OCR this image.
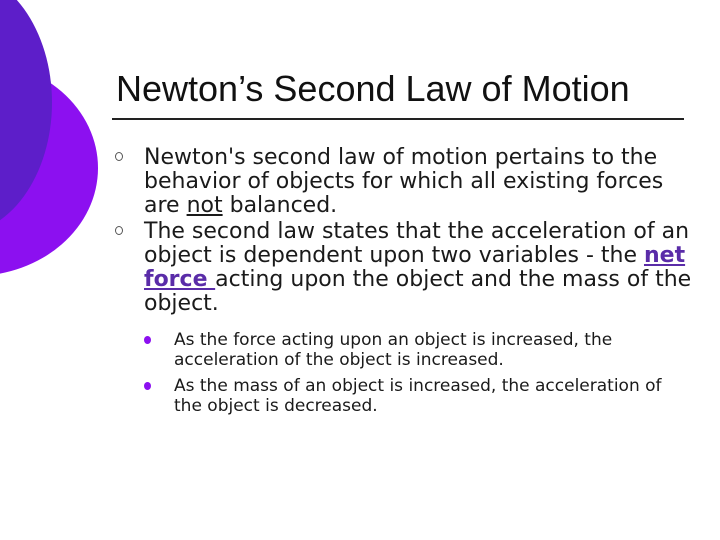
Newton’s Second Law of Motion
Newton's second law of motion pertains to the behavior of objects for which all existing forces are not balanced.
The second law states that the acceleration of an object is dependent upon two variables - the net force acting upon the object and the mass of the object.
As the force acting upon an object is increased, the acceleration of the object is increased.
As the mass of an object is increased, the acceleration of the object is decreased.
